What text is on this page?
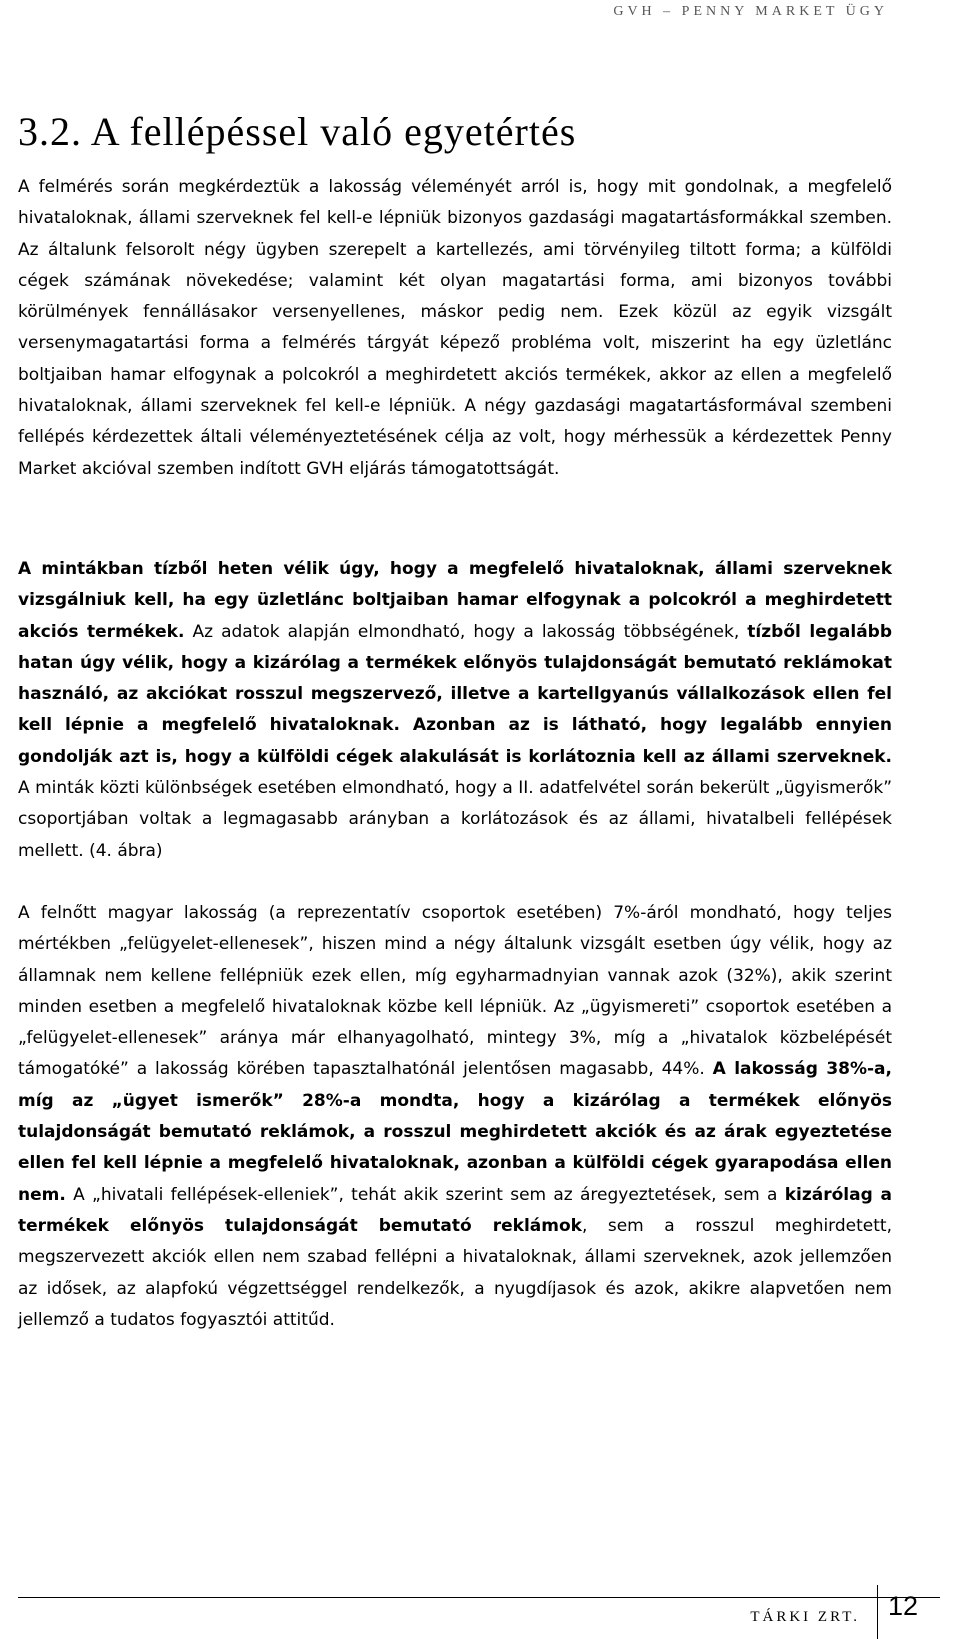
GVH – PENNY MARKET ÜGY
3.2. A fellépéssel való egyetértés

A felmérés során megkérdeztük a lakosság véleményét arról is, hogy mit gondolnak, a megfelelő hivataloknak, állami szerveknek fel kell-e lépniük bizonyos gazdasági magatartásformákkal szemben. Az általunk felsorolt négy ügyben szerepelt a kartellezés, ami törvényileg tiltott forma; a külföldi cégek számának növekedése; valamint két olyan magatartási forma, ami bizonyos további körülmények fennállásakor versenyellenes, máskor pedig nem. Ezek közül az egyik vizsgált versenymagatartási forma a felmérés tárgyát képező probléma volt, miszerint ha egy üzletlánc boltjaiban hamar elfogynak a polcokról a meghirdetett akciós termékek, akkor az ellen a megfelelő hivataloknak, állami szerveknek fel kell-e lépniük. A négy gazdasági magatartásformával szembeni fellépés kérdezettek általi véleményeztetésének célja az volt, hogy mérhessük a kérdezettek Penny Market akcióval szemben indított GVH eljárás támogatottságát.

A mintákban tízből heten vélik úgy, hogy a megfelelő hivataloknak, állami szerveknek vizsgálniuk kell, ha egy üzletlánc boltjaiban hamar elfogynak a polcokról a meghirdetett akciós termékek. Az adatok alapján elmondható, hogy a lakosság többségének, tízből legalább hatan úgy vélik, hogy a kizárólag a termékek előnyös tulajdonságát bemutató reklámokat használó, az akciókat rosszul megszervező, illetve a kartellgyanús vállalkozások ellen fel kell lépnie a megfelelő hivataloknak. Azonban az is látható, hogy legalább ennyien gondolják azt is, hogy a külföldi cégek alakulását is korlátoznia kell az állami szerveknek. A minták közti különbségek esetében elmondható, hogy a II. adatfelvétel során bekerült „ügyismerők” csoportjában voltak a legmagasabb arányban a korlátozások és az állami, hivatalbeli fellépések mellett. (4. ábra)

A felnőtt magyar lakosság (a reprezentatív csoportok esetében) 7%-áról mondható, hogy teljes mértékben „felügyelet-ellenesek”, hiszen mind a négy általunk vizsgált esetben úgy vélik, hogy az államnak nem kellene fellépniük ezek ellen, míg egyharmadnyian vannak azok (32%), akik szerint minden esetben a megfelelő hivataloknak közbe kell lépniük. Az „ügyismereti” csoportok esetében a „felügyelet-ellenesek” aránya már elhanyagolható, mintegy 3%, míg a „hivatalok közbelépését támogatóké” a lakosság körében tapasztalhatónál jelentősen magasabb, 44%. A lakosság 38%-a, míg az „ügyet ismerők” 28%-a mondta, hogy a kizárólag a termékek előnyös tulajdonságát bemutató reklámok, a rosszul meghirdetett akciók és az árak egyeztetése ellen fel kell lépnie a megfelelő hivataloknak, azonban a külföldi cégek gyarapodása ellen nem. A „hivatali fellépések-elleniek”, tehát akik szerint sem az áregyeztetések, sem a kizárólag a termékek előnyös tulajdonságát bemutató reklámok, sem a rosszul meghirdetett, megszervezett akciók ellen nem szabad fellépni a hivataloknak, állami szerveknek, azok jellemzően az idősek, az alapfokú végzettséggel rendelkezők, a nyugdíjasok és azok, akikre alapvetően nem jellemző a tudatos fogyasztói attitűd.

TÁRKI ZRT. 12
